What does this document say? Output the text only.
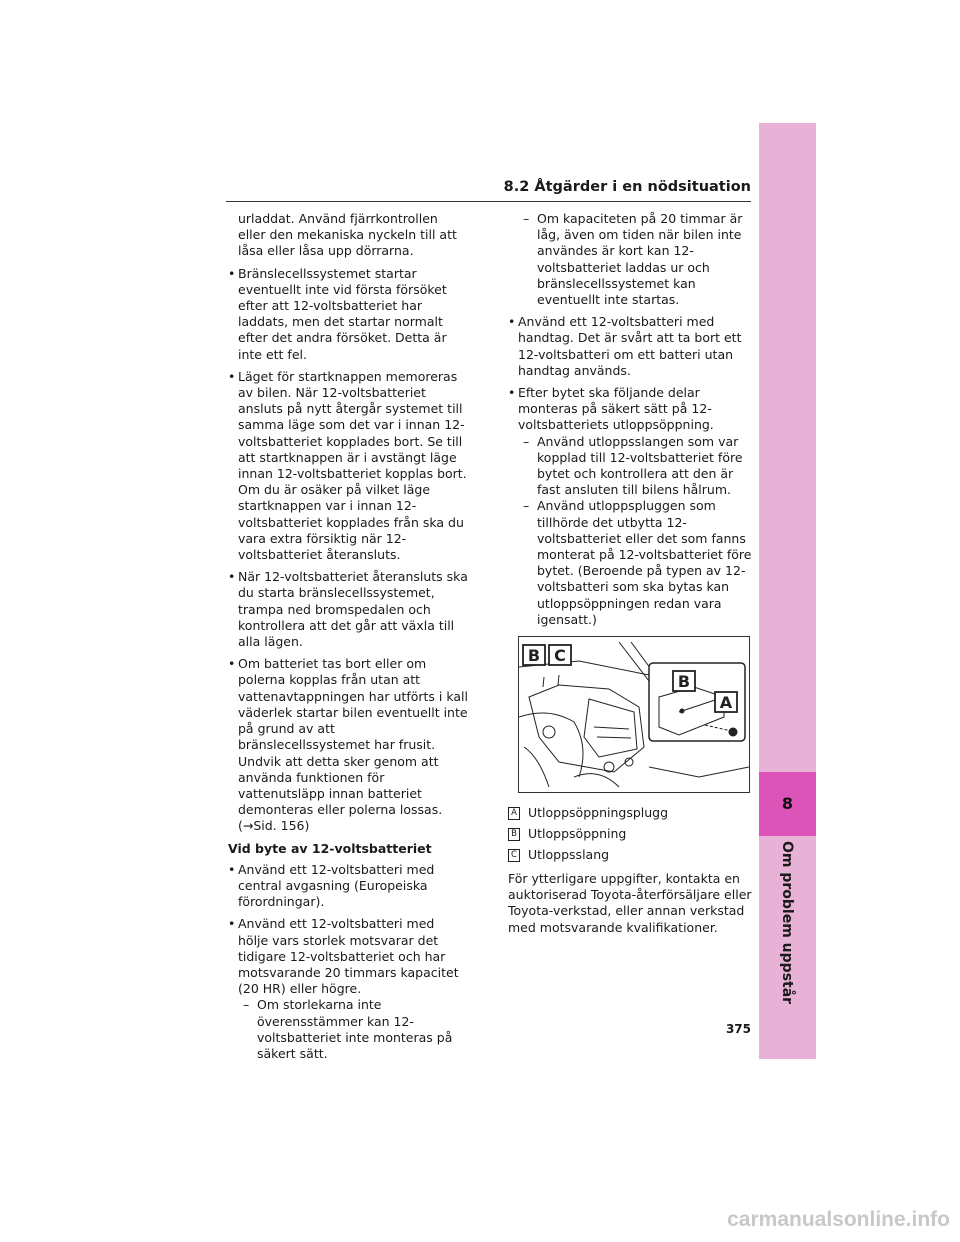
8.2 Åtgärder i en nödsituation
8
Om problem uppstår

urladdat. Använd fjärrkontrollen eller den mekaniska nyckeln till att låsa eller låsa upp dörrarna.

• Bränslecellssystemet startar eventuellt inte vid första försöket efter att 12-voltsbatteriet har laddats, men det startar normalt efter det andra försöket. Detta är inte ett fel.

• Läget för startknappen memoreras av bilen. När 12-voltsbatteriet ansluts på nytt återgår systemet till samma läge som det var i innan 12-voltsbatteriet kopplades bort. Se till att startknappen är i avstängt läge innan 12-voltsbatteriet kopplas bort. Om du är osäker på vilket läge startknappen var i innan 12-voltsbatteriet kopplades från ska du vara extra försiktig när 12-voltsbatteriet återansluts.

• När 12-voltsbatteriet återansluts ska du starta bränslecellssystemet, trampa ned bromspedalen och kontrollera att det går att växla till alla lägen.

• Om batteriet tas bort eller om polerna kopplas från utan att vattenavtappningen har utförts i kall väderlek startar bilen eventuellt inte på grund av att bränslecellssystemet har frusit. Undvik att detta sker genom att använda funktionen för vattenutsläpp innan batteriet demonteras eller polerna lossas. (→Sid. 156)

Vid byte av 12-voltsbatteriet

• Använd ett 12-voltsbatteri med central avgasning (Europeiska förordningar).

• Använd ett 12-voltsbatteri med hölje vars storlek motsvarar det tidigare 12-voltsbatteriet och har motsvarande 20 timmars kapacitet (20 HR) eller högre.

– Om storlekarna inte överensstämmer kan 12-voltsbatteriet inte monteras på säkert sätt.

– Om kapaciteten på 20 timmar är låg, även om tiden när bilen inte användes är kort kan 12-voltsbatteriet laddas ur och bränslecellssystemet kan eventuellt inte startas.

• Använd ett 12-voltsbatteri med handtag. Det är svårt att ta bort ett 12-voltsbatteri om ett batteri utan handtag används.

• Efter bytet ska följande delar monteras på säkert sätt på 12-voltsbatteriets utloppsöppning.

– Använd utloppsslangen som var kopplad till 12-voltsbatteriet före bytet och kontrollera att den är fast ansluten till bilens hålrum.

– Använd utloppspluggen som tillhörde det utbytta 12-voltsbatteriet eller det som fanns monterat på 12-voltsbatteriet före bytet. (Beroende på typen av 12-voltsbatteri som ska bytas kan utloppsöppningen redan vara igensatt.)

B C
B
A
A Utloppsöppningsplugg
B Utloppsöppning
C Utloppsslang

För ytterligare uppgifter, kontakta en auktoriserad Toyota-återförsäljare eller Toyota-verkstad, eller annan verkstad med motsvarande kvalifikationer.

375
carmanualsonline.info
